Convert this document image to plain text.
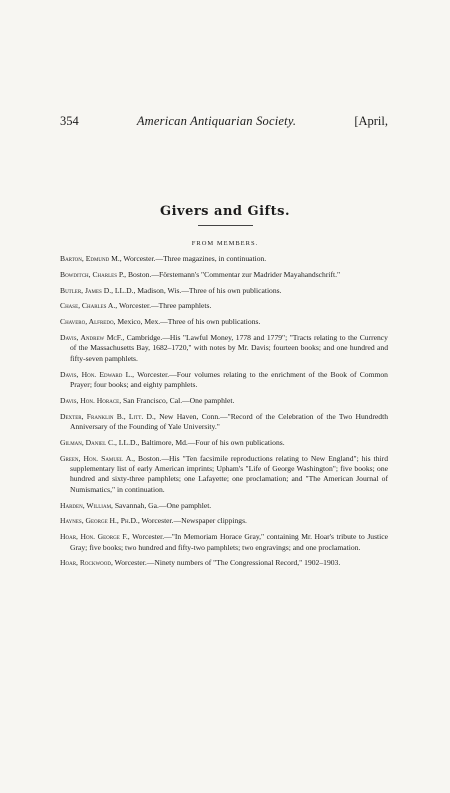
354	American Antiquarian Society.	[April,
Givers and Gifts.
FROM MEMBERS.

Barton, Edmund M., Worcester.—Three magazines, in continuation.

Bowditch, Charles P., Boston.—Förstemann's "Commentar zur Madrider Mayahandschrift."

Butler, James D., LL.D., Madison, Wis.—Three of his own publications.

Chase, Charles A., Worcester.—Three pamphlets.

Chavero, Alfredo, Mexico, Mex.—Three of his own publications.

Davis, Andrew McF., Cambridge.—His "Lawful Money, 1778 and 1779"; "Tracts relating to the Currency of the Massachusetts Bay, 1682–1720," with notes by Mr. Davis; fourteen books; and one hundred and fifty-seven pamphlets.

Davis, Hon. Edward L., Worcester.—Four volumes relating to the enrichment of the Book of Common Prayer; four books; and eighty pamphlets.

Davis, Hon. Horace, San Francisco, Cal.—One pamphlet.

Dexter, Franklin B., Litt. D., New Haven, Conn.—"Record of the Celebration of the Two Hundredth Anniversary of the Founding of Yale University."

Gilman, Daniel C., LL.D., Baltimore, Md.—Four of his own publications.

Green, Hon. Samuel A., Boston.—His "Ten facsimile reproductions relating to New England"; his third supplementary list of early American imprints; Upham's "Life of George Washington"; five books; one hundred and sixty-three pamphlets; one Lafayette; one proclamation; and "The American Journal of Numismatics," in continuation.

Harden, William, Savannah, Ga.—One pamphlet.

Haynes, George H., Ph.D., Worcester.—Newspaper clippings.

Hoar, Hon. George F., Worcester.—"In Memoriam Horace Gray," containing Mr. Hoar's tribute to Justice Gray; five books; two hundred and fifty-two pamphlets; two engravings; and one proclamation.

Hoar, Rockwood, Worcester.—Ninety numbers of "The Congressional Record," 1902–1903.
